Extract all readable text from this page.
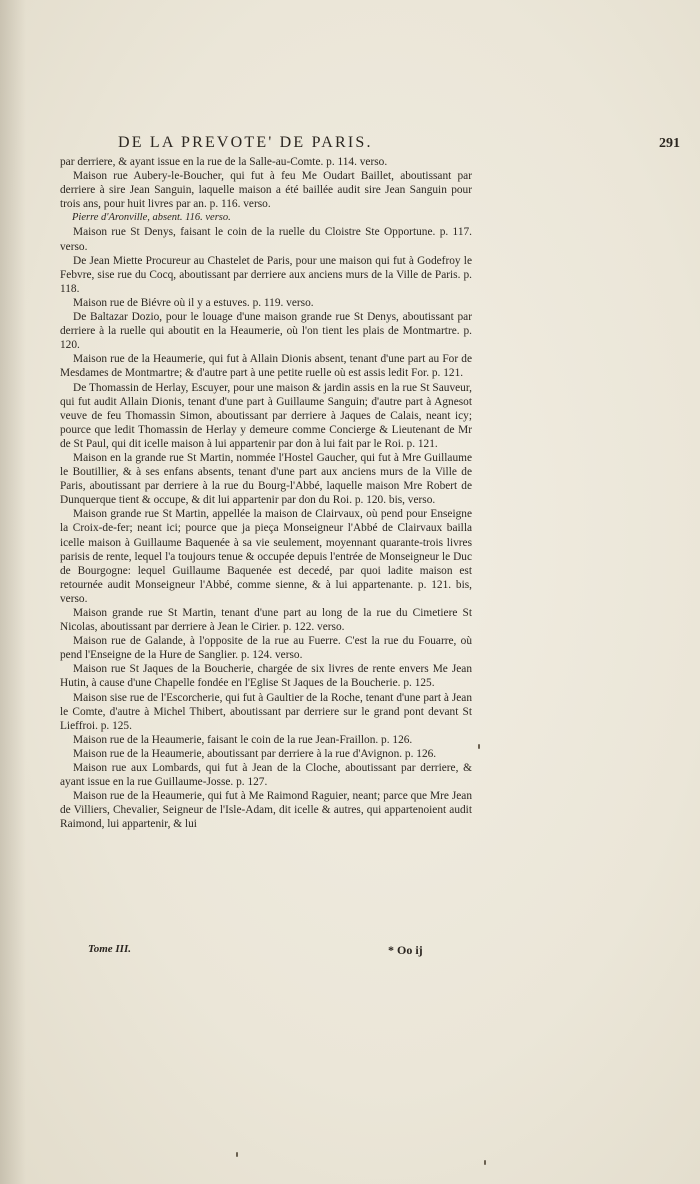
DE LA PREVOTE' DE PARIS.	291

par derriere, & ayant issue en la rue de la Salle-au-Comte. p. 114. verso.

Maison rue Aubery-le-Boucher, qui fut à feu Me Oudart Baillet, aboutissant par derriere à sire Jean Sanguin, laquelle maison a été baillée audit sire Jean Sanguin pour trois ans, pour huit livres par an. p. 116. verso.

Pierre d'Aronville, absent. 116. verso.

Maison rue St Denys, faisant le coin de la ruelle du Cloistre Ste Opportune. p. 117. verso.

De Jean Miette Procureur au Chastelet de Paris, pour une maison qui fut à Godefroy le Febvre, sise rue du Cocq, aboutissant par derriere aux anciens murs de la Ville de Paris. p. 118.

Maison rue de Biévre où il y a estuves. p. 119. verso.

De Baltazar Dozio, pour le louage d'une maison grande rue St Denys, aboutissant par derriere à la ruelle qui aboutit en la Heaumerie, où l'on tient les plais de Montmartre. p. 120.

Maison rue de la Heaumerie, qui fut à Allain Dionis absent, tenant d'une part au For de Mesdames de Montmartre; & d'autre part à une petite ruelle où est assis ledit For. p. 121.

De Thomassin de Herlay, Escuyer, pour une maison & jardin assis en la rue St Sauveur, qui fut audit Allain Dionis, tenant d'une part à Guillaume Sanguin; d'autre part à Agnesot veuve de feu Thomassin Simon, aboutissant par derriere à Jaques de Calais, neant icy; pource que ledit Thomassin de Herlay y demeure comme Concierge & Lieutenant de Mr de St Paul, qui dit icelle maison à lui appartenir par don à lui fait par le Roi. p. 121.

Maison en la grande rue St Martin, nommée l'Hostel Gaucher, qui fut à Mre Guillaume le Boutillier, & à ses enfans absents, tenant d'une part aux anciens murs de la Ville de Paris, aboutissant par derriere à la rue du Bourg-l'Abbé, laquelle maison Mre Robert de Dunquerque tient & occupe, & dit lui appartenir par don du Roi. p. 120. bis, verso.

Maison grande rue St Martin, appellée la maison de Clairvaux, où pend pour Enseigne la Croix-de-fer; neant ici; pource que ja pieça Monseigneur l'Abbé de Clairvaux bailla icelle maison à Guillaume Baquenée à sa vie seulement, moyennant quarante-trois livres parisis de rente, lequel l'a toujours tenue & occupée depuis l'entrée de Monseigneur le Duc de Bourgogne: lequel Guillaume Baquenée est decedé, par quoi ladite maison est retournée audit Monseigneur l'Abbé, comme sienne, & à lui appartenante. p. 121. bis, verso.

Maison grande rue St Martin, tenant d'une part au long de la rue du Cimetiere St Nicolas, aboutissant par derriere à Jean le Cirier. p. 122. verso.

Maison rue de Galande, à l'opposite de la rue au Fuerre. C'est la rue du Fouarre, où pend l'Enseigne de la Hure de Sanglier. p. 124. verso.

Maison rue St Jaques de la Boucherie, chargée de six livres de rente envers Me Jean Hutin, à cause d'une Chapelle fondée en l'Eglise St Jaques de la Boucherie. p. 125.

Maison sise rue de l'Escorcherie, qui fut à Gaultier de la Roche, tenant d'une part à Jean le Comte, d'autre à Michel Thibert, aboutissant par derriere sur le grand pont devant St Lieffroi. p. 125.

Maison rue de la Heaumerie, faisant le coin de la rue Jean-Fraillon. p. 126.

Maison rue de la Heaumerie, aboutissant par derriere à la rue d'Avignon. p. 126.

Maison rue aux Lombards, qui fut à Jean de la Cloche, aboutissant par derriere, & ayant issue en la rue Guillaume-Josse. p. 127.

Maison rue de la Heaumerie, qui fut à Me Raimond Raguier, neant; parce que Mre Jean de Villiers, Chevalier, Seigneur de l'Isle-Adam, dit icelle & autres, qui appartenoient audit Raimond, lui appartenir, & lui

Tome III.	* Oo ij
